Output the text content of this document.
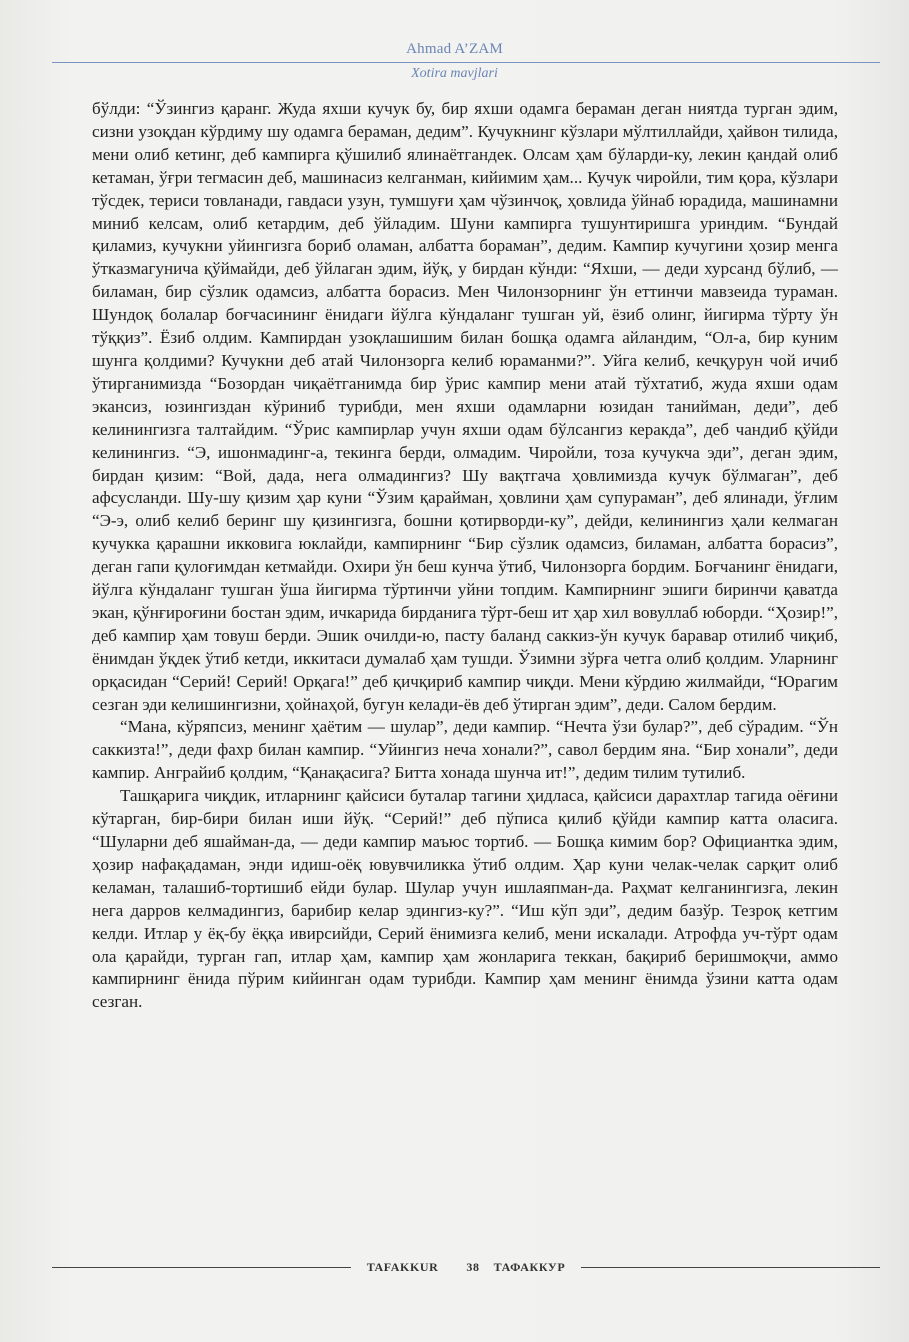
Ahmad A’ZAM
Xotira mavjlari

бўлди: “Ўзингиз қаранг. Жуда яхши кучук бу, бир яхши одамга бераман деган ниятда турган эдим, сизни узоқдан кўрдиму шу одамга бераман, дедим”. Кучукнинг кўзлари мўлтиллайди, ҳайвон тилида, мени олиб кетинг, деб кампирга қўшилиб ялинаётгандек. Олсам ҳам бўларди-ку, лекин қандай олиб кетаман, ўғри тегмасин деб, машинасиз келганман, кийимим ҳам... Кучук чиройли, тим қора, кўзлари тўсдек, териси товланади, гавдаси узун, тумшуғи ҳам чўзинчоқ, ҳовлида ўйнаб юрадида, машинамни миниб келсам, олиб кетардим, деб ўйладим. Шуни кампирга тушунтиришга уриндим. “Бундай қиламиз, кучукни уйингизга бориб оламан, албатта бораман”, дедим. Кампир кучугини ҳозир менга ўтказмагунича қўймайди, деб ўйлаган эдим, йўқ, у бирдан кўнди: “Яхши, — деди хурсанд бўлиб, — биламан, бир сўзлик одамсиз, албатта борасиз. Мен Чилонзорнинг ўн еттинчи мавзеида тураман. Шундоқ болалар боғчасининг ёнидаги йўлга кўндаланг тушган уй, ёзиб олинг, йигирма тўрту ўн тўққиз”. Ёзиб олдим. Кампирдан узоқлашишим билан бошқа одамга айландим, “Ол-а, бир куним шунга қолдими? Кучукни деб атай Чилонзорга келиб юраманми?”. Уйга келиб, кечқурун чой ичиб ўтирганимизда “Бозордан чиқаётганимда бир ўрис кампир мени атай тўхтатиб, жуда яхши одам экансиз, юзингиздан кўриниб турибди, мен яхши одамларни юзидан танийман, деди”, деб келинингизга талтайдим. “Ўрис кампирлар учун яхши одам бўлсангиз керакда”, деб чандиб қўйди келинингиз. “Э, ишонмадинг-а, текинга берди, олмадим. Чиройли, тоза кучукча эди”, деган эдим, бирдан қизим: “Вой, дада, нега олмадингиз? Шу вақтгача ҳовлимизда кучук бўлмаган”, деб афсусланди. Шу-шу қизим ҳар куни “Ўзим қарайман, ҳовлини ҳам супураман”, деб ялинади, ўғлим “Э-э, олиб келиб беринг шу қизингизга, бошни қотирворди-ку”, дейди, келинингиз ҳали келмаган кучукка қарашни икковига юклайди, кампирнинг “Бир сўзлик одамсиз, биламан, албатта борасиз”, деган гапи қулоғимдан кетмайди. Охири ўн беш кунча ўтиб, Чилонзорга бордим. Боғчанинг ёнидаги, йўлга кўндаланг тушган ўша йигирма тўртинчи уйни топдим. Кампирнинг эшиги биринчи қаватда экан, қўнғироғини бостан эдим, ичкарида бирданига тўрт-беш ит ҳар хил вовуллаб юборди. “Ҳозир!”, деб кампир ҳам товуш берди. Эшик очилди-ю, пасту баланд саккиз-ўн кучук баравар отилиб чиқиб, ёнимдан ўқдек ўтиб кетди, иккитаси думалаб ҳам тушди. Ўзимни зўрға четга олиб қолдим. Уларнинг орқасидан “Серий! Серий! Орқага!” деб қичқириб кампир чиқди. Мени кўрдию жилмайди, “Юрагим сезган эди келишингизни, ҳойнаҳой, бугун келади-ёв деб ўтирган эдим”, деди. Салом бердим.

“Мана, кўряпсиз, менинг ҳаётим — шулар”, деди кампир. “Нечта ўзи булар?”, деб сўрадим. “Ўн саккизта!”, деди фахр билан кампир. “Уйингиз неча хонали?”, савол бердим яна. “Бир хонали”, деди кампир. Анграйиб қолдим, “Қанақасига? Битта хонада шунча ит!”, дедим тилим тутилиб.

Ташқарига чиқдик, итларнинг қайсиси буталар тагини ҳидласа, қайсиси дарахтлар тагида оёғини кўтарган, бир-бири билан иши йўқ. “Серий!” деб пўписа қилиб қўйди кампир катта оласига. “Шуларни деб яшайман-да, — деди кампир маъюс тортиб. — Бошқа кимим бор? Официантка эдим, ҳозир нафақадаман, энди идиш-оёқ ювувчиликка ўтиб олдим. Ҳар куни челак-челак сарқит олиб келаман, талашиб-тортишиб ейди булар. Шулар учун ишлаяпман-да. Раҳмат келганингизга, лекин нега дарров келмадингиз, барибир келар эдингиз-ку?”. “Иш кўп эди”, дедим базўр. Тезроқ кетгим келди. Итлар у ёқ-бу ёққа ивирсийди, Серий ёнимизга келиб, мени искалади. Атрофда уч-тўрт одам ола қарайди, турган гап, итлар ҳам, кампир ҳам жонларига теккан, бақириб беришмоқчи, аммо кампирнинг ёнида пўрим кийинган одам турибди. Кампир ҳам менинг ёнимда ўзини катта одам сезган.

TAFAKKUR 38 ТАФАККУР
